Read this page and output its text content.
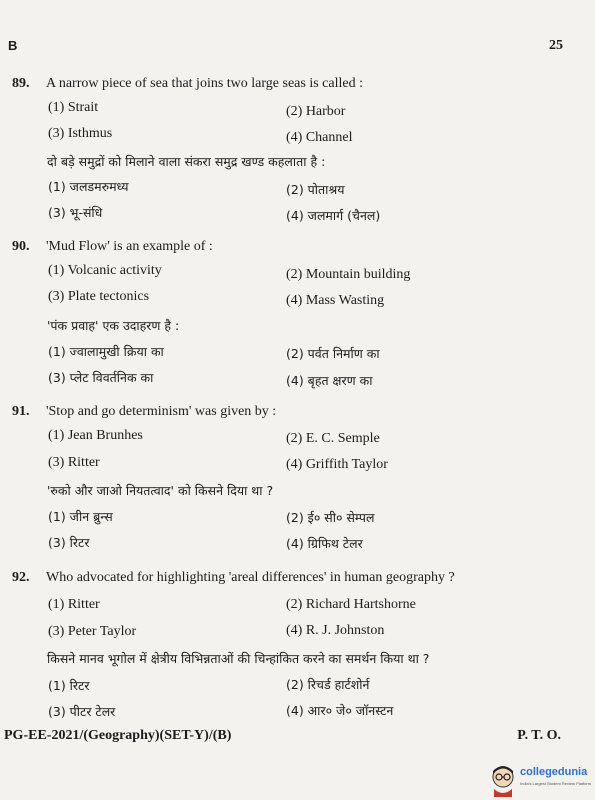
B	25
89. A narrow piece of sea that joins two large seas is called :
(1) Strait	(2) Harbor
(3) Isthmus	(4) Channel
दो बड़े समुद्रों को मिलाने वाला संकरा समुद्र खण्ड कहलाता है :
(1) जलडमरुमध्य	(2) पोताश्रय
(3) भू-संधि	(4) जलमार्ग (चैनल)
90. 'Mud Flow' is an example of :
(1) Volcanic activity	(2) Mountain building
(3) Plate tectonics	(4) Mass Wasting
'पंक प्रवाह' एक उदाहरण है :
(1) ज्वालामुखी क्रिया का	(2) पर्वत निर्माण का
(3) प्लेट विवर्तनिक का	(4) बृहत क्षरण का
91. 'Stop and go determinism' was given by :
(1) Jean Brunhes	(2) E. C. Semple
(3) Ritter	(4) Griffith Taylor
'रुको और जाओ नियतत्वाद' को किसने दिया था ?
(1) जीन ब्रुन्स	(2) ई० सी० सेम्पल
(3) रिटर	(4) ग्रिफिथ टेलर
92. Who advocated for highlighting 'areal differences' in human geography ?
(1) Ritter	(2) Richard Hartshorne
(3) Peter Taylor	(4) R. J. Johnston
किसने मानव भूगोल में क्षेत्रीय विभिन्नताओं की चिन्हांकित करने का समर्थन किया था ?
(1) रिटर	(2) रिचर्ड हार्टशोर्न
(3) पीटर टेलर	(4) आर० जे० जॉनस्टन
PG-EE-2021/(Geography)(SET-Y)/(B)	P. T. O.
collegedunia
India's Largest Student Review Platform
